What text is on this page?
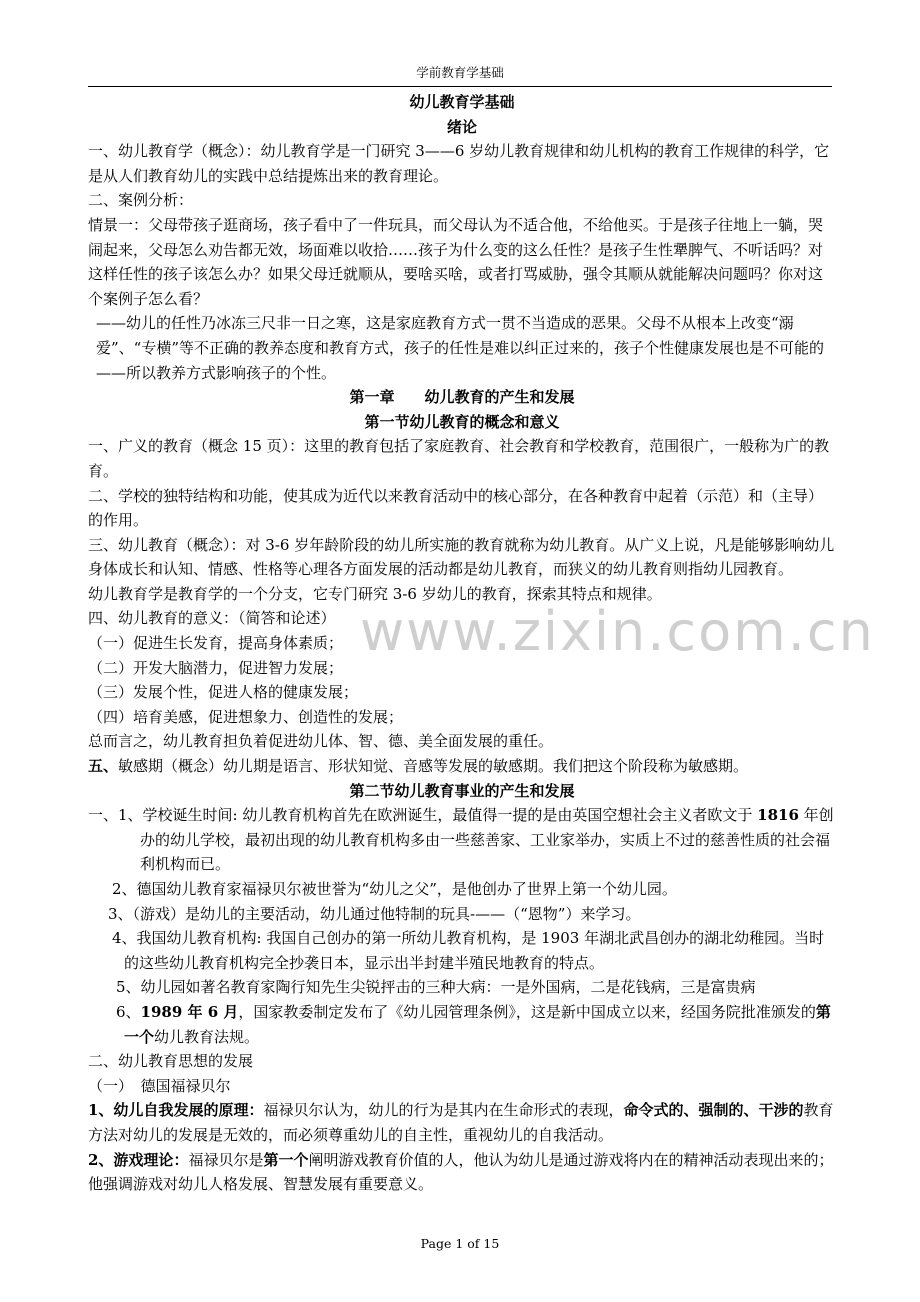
学前教育学基础

幼儿教育学基础

绪论

一、幼儿教育学（概念）：幼儿教育学是一门研究 3——6 岁幼儿教育规律和幼儿机构的教育工作规律的科学，它是从人们教育幼儿的实践中总结提炼出来的教育理论。

二、案例分析：

情景一：父母带孩子逛商场，孩子看中了一件玩具，而父母认为不适合他，不给他买。于是孩子往地上一躺，哭闹起来，父母怎么劝告都无效，场面难以收拾……孩子为什么变的这么任性？是孩子生性犟脾气、不听话吗？对这样任性的孩子该怎么办？如果父母迁就顺从，要啥买啥，或者打骂威胁，强令其顺从就能解决问题吗？你对这个案例子怎么看？

——幼儿的任性乃冰冻三尺非一日之寒，这是家庭教育方式一贯不当造成的恶果。父母不从根本上改变“溺爱”、“专横”等不正确的教养态度和教育方式，孩子的任性是难以纠正过来的，孩子个性健康发展也是不可能的——所以教养方式影响孩子的个性。

第一章　　幼儿教育的产生和发展

第一节幼儿教育的概念和意义

一、广义的教育（概念 15 页）：这里的教育包括了家庭教育、社会教育和学校教育，范围很广，一般称为广的教育。

二、学校的独特结构和功能，使其成为近代以来教育活动中的核心部分，在各种教育中起着（示范）和（主导）的作用。

三、幼儿教育（概念）：对 3-6 岁年龄阶段的幼儿所实施的教育就称为幼儿教育。从广义上说，凡是能够影响幼儿身体成长和认知、情感、性格等心理各方面发展的活动都是幼儿教育，而狭义的幼儿教育则指幼儿园教育。

幼儿教育学是教育学的一个分支，它专门研究 3-6 岁幼儿的教育，探索其特点和规律。

四、幼儿教育的意义：（简答和论述）

（一）促进生长发育，提高身体素质；

（二）开发大脑潜力，促进智力发展；

（三）发展个性，促进人格的健康发展；

（四）培育美感，促进想象力、创造性的发展；

总而言之，幼儿教育担负着促进幼儿体、智、德、美全面发展的重任。

五、敏感期（概念）幼儿期是语言、形状知觉、音感等发展的敏感期。我们把这个阶段称为敏感期。

第二节幼儿教育事业的产生和发展

一、1、学校诞生时间: 幼儿教育机构首先在欧洲诞生，最值得一提的是由英国空想社会主义者欧文于 1816 年创办的幼儿学校，最初出现的幼儿教育机构多由一些慈善家、工业家举办，实质上不过的慈善性质的社会福利机构而已。

2、德国幼儿教育家福禄贝尔被世誉为“幼儿之父”，是他创办了世界上第一个幼儿园。

3、（游戏）是幼儿的主要活动，幼儿通过他特制的玩具-——（“恩物”）来学习。

4、我国幼儿教育机构: 我国自己创办的第一所幼儿教育机构，是 1903 年湖北武昌创办的湖北幼稚园。当时的这些幼儿教育机构完全抄袭日本，显示出半封建半殖民地教育的特点。

5、幼儿园如著名教育家陶行知先生尖锐抨击的三种大病：一是外国病，二是花钱病，三是富贵病

6、1989 年 6 月，国家教委制定发布了《幼儿园管理条例》，这是新中国成立以来，经国务院批准颁发的第一个幼儿教育法规。

二、幼儿教育思想的发展

（一）　德国福禄贝尔

1、幼儿自我发展的原理：福禄贝尔认为，幼儿的行为是其内在生命形式的表现，命令式的、强制的、干涉的教育方法对幼儿的发展是无效的，而必须尊重幼儿的自主性，重视幼儿的自我活动。

2、游戏理论：福禄贝尔是第一个阐明游戏教育价值的人，他认为幼儿是通过游戏将内在的精神活动表现出来的；他强调游戏对幼儿人格发展、智慧发展有重要意义。

www.zixin.com.cn
Page 1 of 15
